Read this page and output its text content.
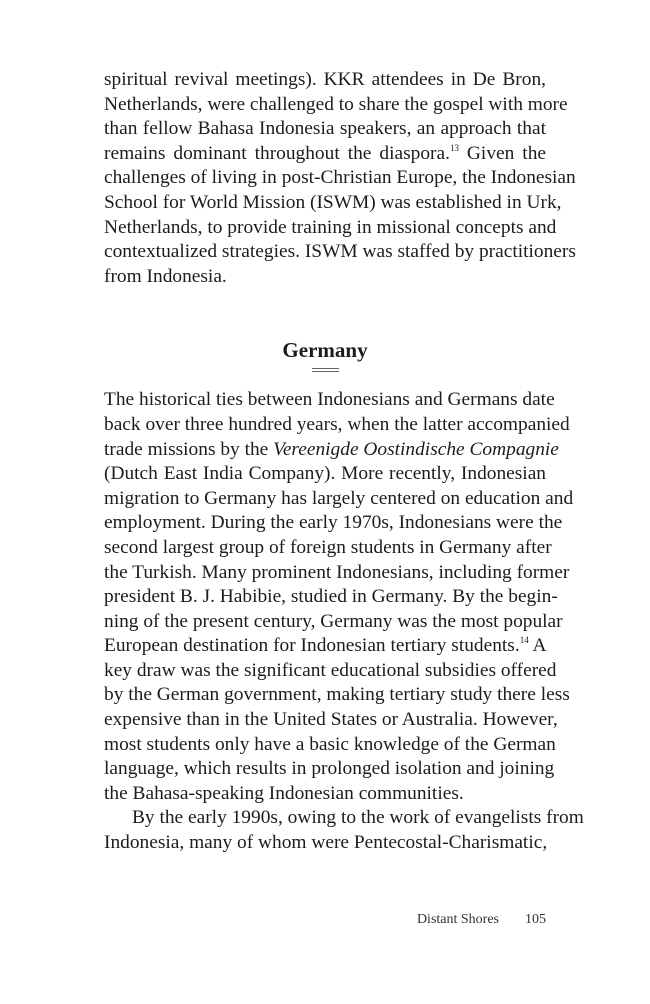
spiritual revival meetings). KKR attendees in De Bron,
Netherlands, were challenged to share the gospel with more
than fellow Bahasa Indonesia speakers, an approach that
remains dominant throughout the diaspora.$^{13}$ Given the
challenges of living in post-Christian Europe, the Indonesian
School for World Mission (ISWM) was established in Urk,
Netherlands, to provide training in missional concepts and
contextualized strategies. ISWM was staffed by practitioners
from Indonesia.
Germany
The historical ties between Indonesians and Germans date
back over three hundred years, when the latter accompanied
trade missions by the Vereenigde Oostindische Compagnie
(Dutch East India Company). More recently, Indonesian
migration to Germany has largely centered on education and
employment. During the early 1970s, Indonesians were the
second largest group of foreign students in Germany after
the Turkish. Many prominent Indonesians, including former
president B. J. Habibie, studied in Germany. By the begin-
ning of the present century, Germany was the most popular
European destination for Indonesian tertiary students.$^{14}$ A
key draw was the significant educational subsidies offered
by the German government, making tertiary study there less
expensive than in the United States or Australia. However,
most students only have a basic knowledge of the German
language, which results in prolonged isolation and joining
the Bahasa-speaking Indonesian communities.
By the early 1990s, owing to the work of evangelists from
Indonesia, many of whom were Pentecostal-Charismatic,
Distant Shores 105
